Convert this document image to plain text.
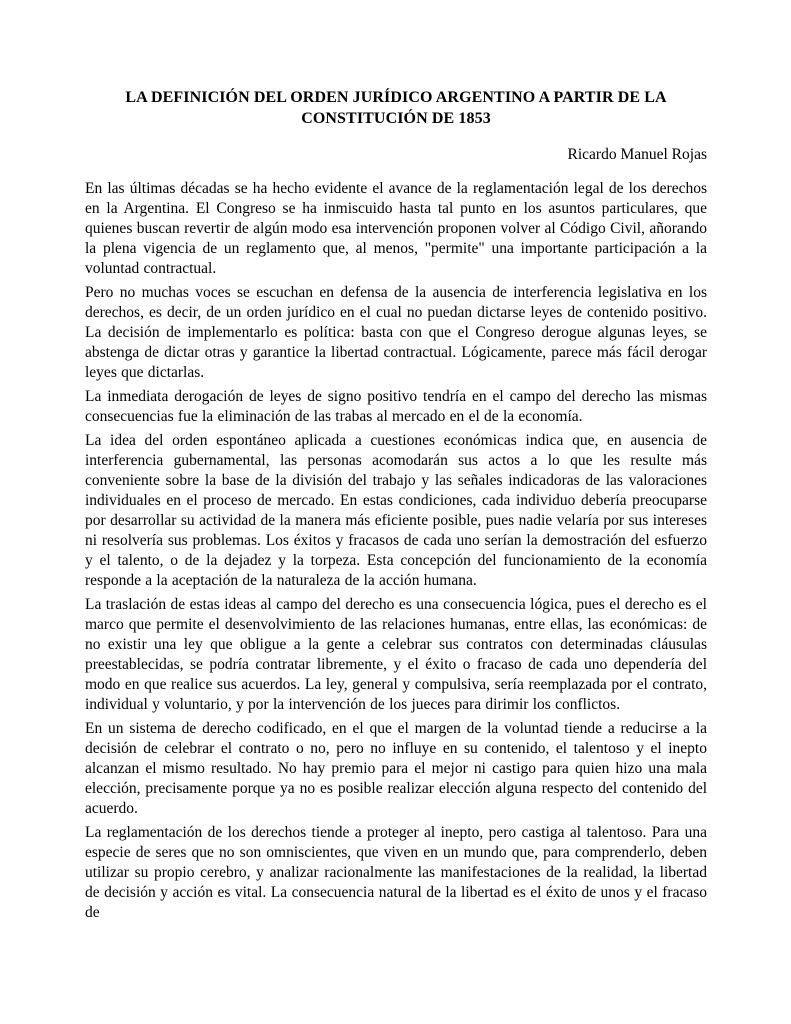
LA DEFINICIÓN DEL ORDEN JURÍDICO ARGENTINO A PARTIR DE LA
CONSTITUCIÓN DE 1853
Ricardo Manuel Rojas

En las últimas décadas se ha hecho evidente el avance de la reglamentación legal de los derechos en la Argentina. El Congreso se ha inmiscuido hasta tal punto en los asuntos particulares, que quienes buscan revertir de algún modo esa intervención proponen volver al Código Civil, añorando la plena vigencia de un reglamento que, al menos, "permite" una importante participación a la voluntad contractual.

Pero no muchas voces se escuchan en defensa de la ausencia de interferencia legislativa en los derechos, es decir, de un orden jurídico en el cual no puedan dictarse leyes de contenido positivo. La decisión de implementarlo es política: basta con que el Congreso derogue algunas leyes, se abstenga de dictar otras y garantice la libertad contractual. Lógicamente, parece más fácil derogar leyes que dictarlas.

La inmediata derogación de leyes de signo positivo tendría en el campo del derecho las mismas consecuencias fue la eliminación de las trabas al mercado en el de la economía.

La idea del orden espontáneo aplicada a cuestiones económicas indica que, en ausencia de interferencia gubernamental, las personas acomodarán sus actos a lo que les resulte más conveniente sobre la base de la división del trabajo y las señales indicadoras de las valoraciones individuales en el proceso de mercado. En estas condiciones, cada individuo debería preocuparse por desarrollar su actividad de la manera más eficiente posible, pues nadie velaría por sus intereses ni resolvería sus problemas. Los éxitos y fracasos de cada uno serían la demostración del esfuerzo y el talento, o de la dejadez y la torpeza. Esta concepción del funcionamiento de la economía responde a la aceptación de la naturaleza de la acción humana.

La traslación de estas ideas al campo del derecho es una consecuencia lógica, pues el derecho es el marco que permite el desenvolvimiento de las relaciones humanas, entre ellas, las económicas: de no existir una ley que obligue a la gente a celebrar sus contratos con determinadas cláusulas preestablecidas, se podría contratar libremente, y el éxito o fracaso de cada uno dependería del modo en que realice sus acuerdos. La ley, general y compulsiva, sería reemplazada por el contrato, individual y voluntario, y por la intervención de los jueces para dirimir los conflictos.

En un sistema de derecho codificado, en el que el margen de la voluntad tiende a reducirse a la decisión de celebrar el contrato o no, pero no influye en su contenido, el talentoso y el inepto alcanzan el mismo resultado. No hay premio para el mejor ni castigo para quien hizo una mala elección, precisamente porque ya no es posible realizar elección alguna respecto del contenido del acuerdo.

La reglamentación de los derechos tiende a proteger al inepto, pero castiga al talentoso. Para una especie de seres que no son omniscientes, que viven en un mundo que, para comprenderlo, deben utilizar su propio cerebro, y analizar racionalmente las manifestaciones de la realidad, la libertad de decisión y acción es vital. La consecuencia natural de la libertad es el éxito de unos y el fracaso de
